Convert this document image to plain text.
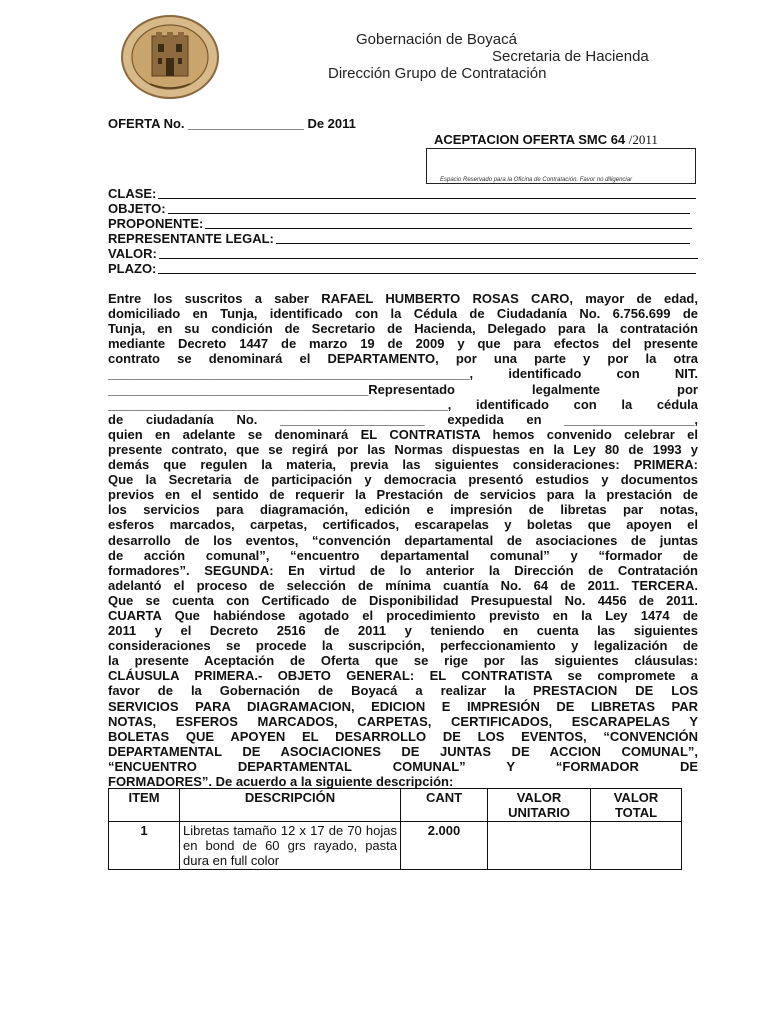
Gobernación de Boyacá
Secretaria de Hacienda
Dirección Grupo de Contratación
OFERTA No. ________________ De 2011
ACEPTACION OFERTA SMC 64 /2011
Espacio Reservado para la Oficina de Contratación. Favor no diligenciar
CLASE:
OBJETO:
PROPONENTE:
REPRESENTANTE LEGAL:
VALOR:
PLAZO:
Entre los suscritos a saber RAFAEL HUMBERTO ROSAS CARO, mayor de edad,
domiciliado en Tunja, identificado con la Cédula de Ciudadanía No. 6.756.699 de
Tunja, en su condición de Secretario de Hacienda, Delegado para la contratación
mediante Decreto 1447 de marzo 19 de 2009 y que para efectos del presente
contrato se denominará el DEPARTAMENTO, por una parte y por la otra
__________________________________________________, identificado con NIT.
____________________________________Representado legalmente por
_______________________________________________, identificado con la cédula
de ciudadanía No. ____________________ expedida en __________________,
quien en adelante se denominará EL CONTRATISTA hemos convenido celebrar el
presente contrato, que se regirá por las Normas dispuestas en la Ley 80 de 1993 y
demás que regulen la materia, previa las siguientes consideraciones: PRIMERA:
Que la Secretaria de participación y democracia presentó estudios y documentos
previos en el sentido de requerir la Prestación de servicios para la prestación de
los servicios para diagramación, edición e impresión de libretas par notas,
esferos marcados, carpetas, certificados, escarapelas y boletas que apoyen el
desarrollo de los eventos, “convención departamental de asociaciones de juntas
de acción comunal”, “encuentro departamental comunal” y “formador de
formadores”. SEGUNDA: En virtud de lo anterior la Dirección de Contratación
adelantó el proceso de selección de mínima cuantía No. 64 de 2011. TERCERA.
Que se cuenta con Certificado de Disponibilidad Presupuestal No. 4456 de 2011.
CUARTA Que habiéndose agotado el procedimiento previsto en la Ley 1474 de
2011 y el Decreto 2516 de 2011 y teniendo en cuenta las siguientes
consideraciones se procede la suscripción, perfeccionamiento y legalización de
la presente Aceptación de Oferta que se rige por las siguientes cláusulas:
CLÁUSULA PRIMERA.- OBJETO GENERAL: EL CONTRATISTA se compromete a
favor de la Gobernación de Boyacá a realizar la PRESTACION DE LOS
SERVICIOS PARA DIAGRAMACION, EDICION E IMPRESIÓN DE LIBRETAS PAR
NOTAS, ESFEROS MARCADOS, CARPETAS, CERTIFICADOS, ESCARAPELAS Y
BOLETAS QUE APOYEN EL DESARROLLO DE LOS EVENTOS, “CONVENCIÓN
DEPARTAMENTAL DE ASOCIACIONES DE JUNTAS DE ACCION COMUNAL”,
“ENCUENTRO DEPARTAMENTAL COMUNAL” Y “FORMADOR DE
FORMADORES”. De acuerdo a la siguiente descripción:
ITEM	DESCRIPCIÓN	CANT	VALOR UNITARIO	VALOR TOTAL
1	Libretas tamaño 12 x 17 de 70 hojas en bond de 60 grs rayado, pasta dura en full color	2.000		
